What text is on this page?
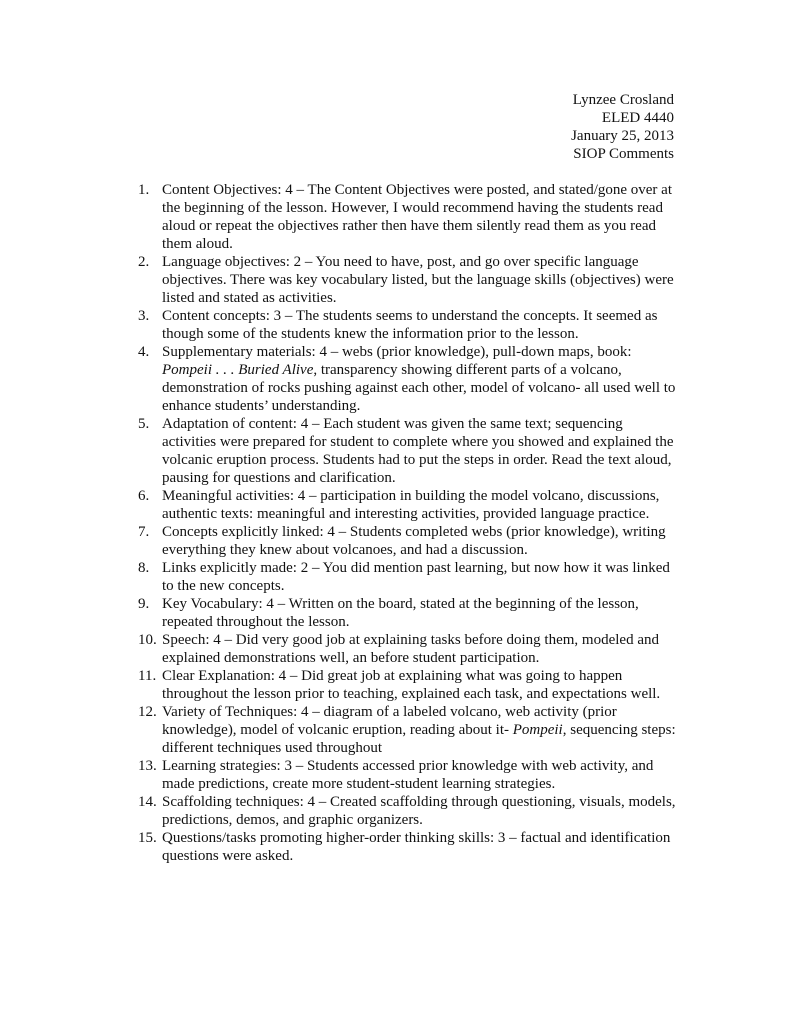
Lynzee Crosland
ELED 4440
January 25, 2013
SIOP Comments
1. Content Objectives: 4 – The Content Objectives were posted, and stated/gone over at the beginning of the lesson. However, I would recommend having the students read aloud or repeat the objectives rather then have them silently read them as you read them aloud.
2. Language objectives: 2 – You need to have, post, and go over specific language objectives. There was key vocabulary listed, but the language skills (objectives) were listed and stated as activities.
3. Content concepts: 3 – The students seems to understand the concepts. It seemed as though some of the students knew the information prior to the lesson.
4. Supplementary materials: 4 – webs (prior knowledge), pull-down maps, book: Pompeii . . . Buried Alive, transparency showing different parts of a volcano, demonstration of rocks pushing against each other, model of volcano- all used well to enhance students’ understanding.
5. Adaptation of content: 4 – Each student was given the same text; sequencing activities were prepared for student to complete where you showed and explained the volcanic eruption process. Students had to put the steps in order. Read the text aloud, pausing for questions and clarification.
6. Meaningful activities: 4 – participation in building the model volcano, discussions, authentic texts: meaningful and interesting activities, provided language practice.
7. Concepts explicitly linked: 4 – Students completed webs (prior knowledge), writing everything they knew about volcanoes, and had a discussion.
8. Links explicitly made: 2 – You did mention past learning, but now how it was linked to the new concepts.
9. Key Vocabulary: 4 – Written on the board, stated at the beginning of the lesson, repeated throughout the lesson.
10. Speech: 4 – Did very good job at explaining tasks before doing them, modeled and explained demonstrations well, an before student participation.
11. Clear Explanation: 4 – Did great job at explaining what was going to happen throughout the lesson prior to teaching, explained each task, and expectations well.
12. Variety of Techniques: 4 – diagram of a labeled volcano, web activity (prior knowledge), model of volcanic eruption, reading about it- Pompeii, sequencing steps: different techniques used throughout
13. Learning strategies: 3 – Students accessed prior knowledge with web activity, and made predictions, create more student-student learning strategies.
14. Scaffolding techniques: 4 – Created scaffolding through questioning, visuals, models, predictions, demos, and graphic organizers.
15. Questions/tasks promoting higher-order thinking skills: 3 – factual and identification questions were asked.
